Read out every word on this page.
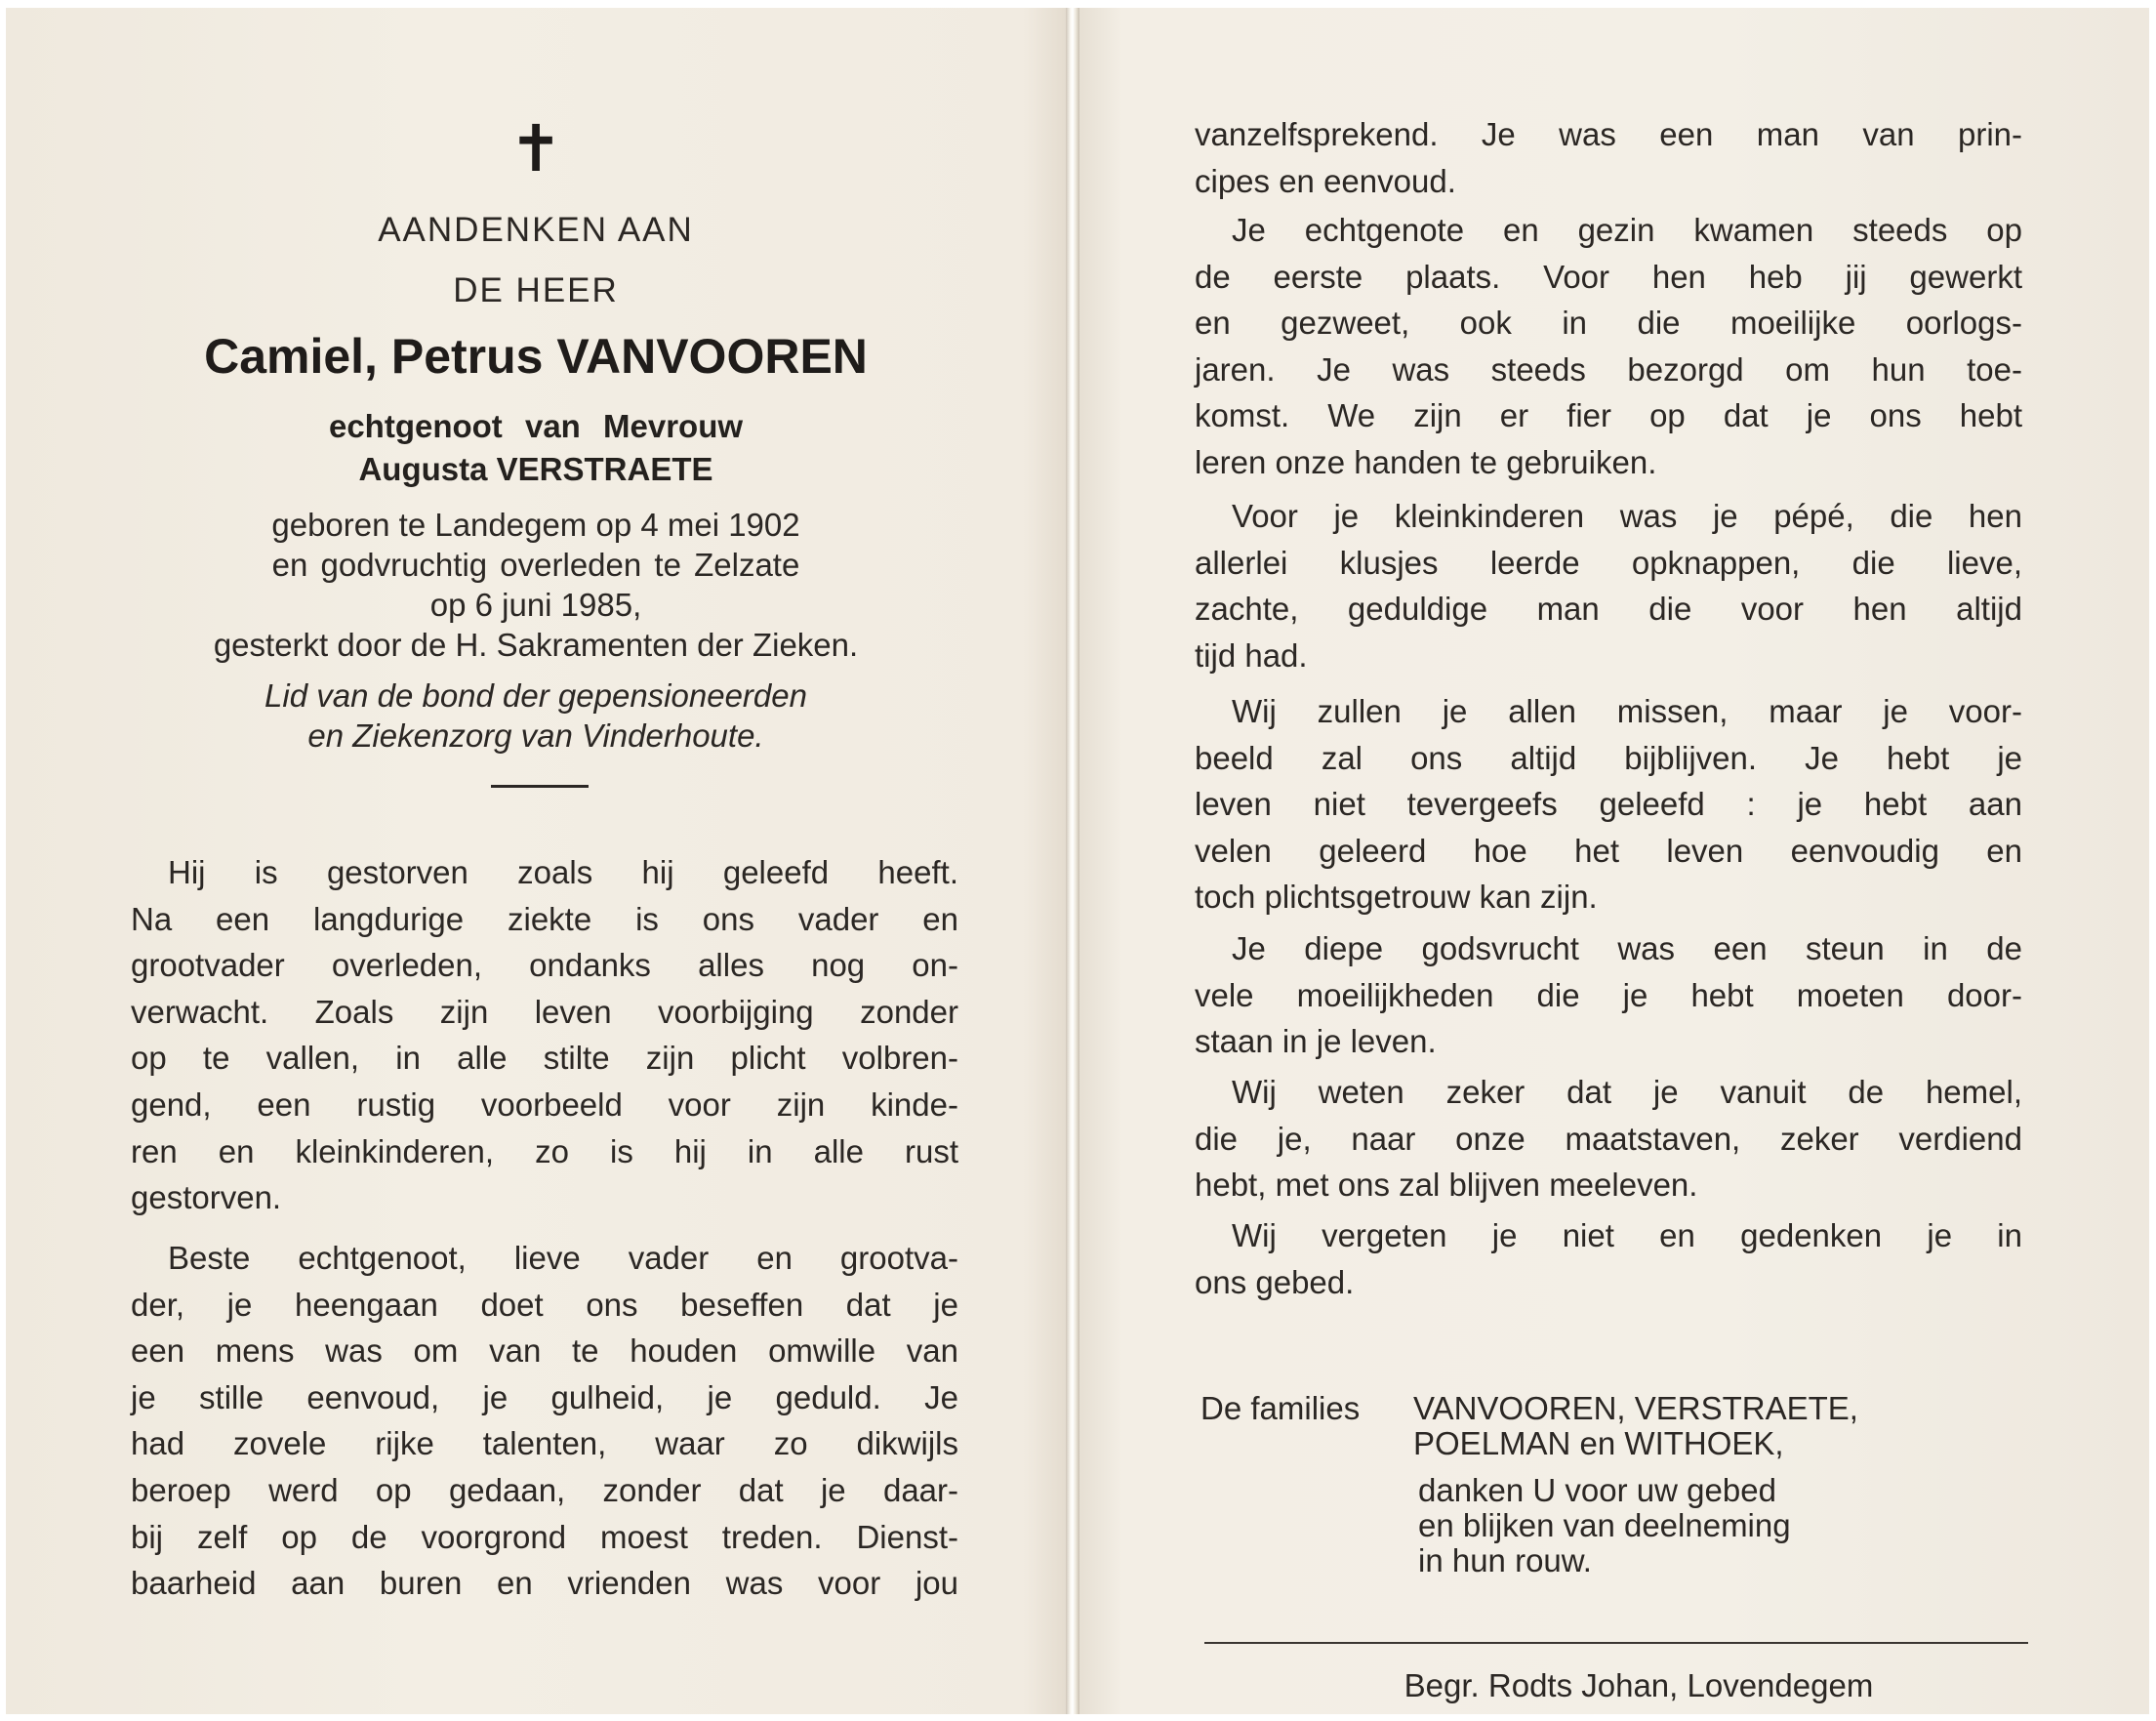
✝
AANDENKEN AAN
DE HEER
Camiel, Petrus VANVOOREN
echtgenoot van Mevrouw
Augusta VERSTRAETE
geboren te Landegem op 4 mei 1902
en godvruchtig overleden te Zelzate
op 6 juni 1985,
gesterkt door de H. Sakramenten der Zieken.
Lid van de bond der gepensioneerden
en Ziekenzorg van Vinderhoute.
Hij is gestorven zoals hij geleefd heeft.
Na een langdurige ziekte is ons vader en
grootvader overleden, ondanks alles nog on-
verwacht. Zoals zijn leven voorbijging zonder
op te vallen, in alle stilte zijn plicht volbren-
gend, een rustig voorbeeld voor zijn kinde-
ren en kleinkinderen, zo is hij in alle rust
gestorven.
Beste echtgenoot, lieve vader en grootva-
der, je heengaan doet ons beseffen dat je
een mens was om van te houden omwille van
je stille eenvoud, je gulheid, je geduld. Je
had zovele rijke talenten, waar zo dikwijls
beroep werd op gedaan, zonder dat je daar-
bij zelf op de voorgrond moest treden. Dienst-
baarheid aan buren en vrienden was voor jou
vanzelfsprekend. Je was een man van prin-
cipes en eenvoud.
Je echtgenote en gezin kwamen steeds op
de eerste plaats. Voor hen heb jij gewerkt
en gezweet, ook in die moeilijke oorlogs-
jaren. Je was steeds bezorgd om hun toe-
komst. We zijn er fier op dat je ons hebt
leren onze handen te gebruiken.
Voor je kleinkinderen was je pépé, die hen
allerlei klusjes leerde opknappen, die lieve,
zachte, geduldige man die voor hen altijd
tijd had.
Wij zullen je allen missen, maar je voor-
beeld zal ons altijd bijblijven. Je hebt je
leven niet tevergeefs geleefd : je hebt aan
velen geleerd hoe het leven eenvoudig en
toch plichtsgetrouw kan zijn.
Je diepe godsvrucht was een steun in de
vele moeilijkheden die je hebt moeten door-
staan in je leven.
Wij weten zeker dat je vanuit de hemel,
die je, naar onze maatstaven, zeker verdiend
hebt, met ons zal blijven meeleven.
Wij vergeten je niet en gedenken je in
ons gebed.
De families VANVOOREN, VERSTRAETE,
POELMAN en WITHOEK,
danken U voor uw gebed
en blijken van deelneming
in hun rouw.
Begr. Rodts Johan, Lovendegem
